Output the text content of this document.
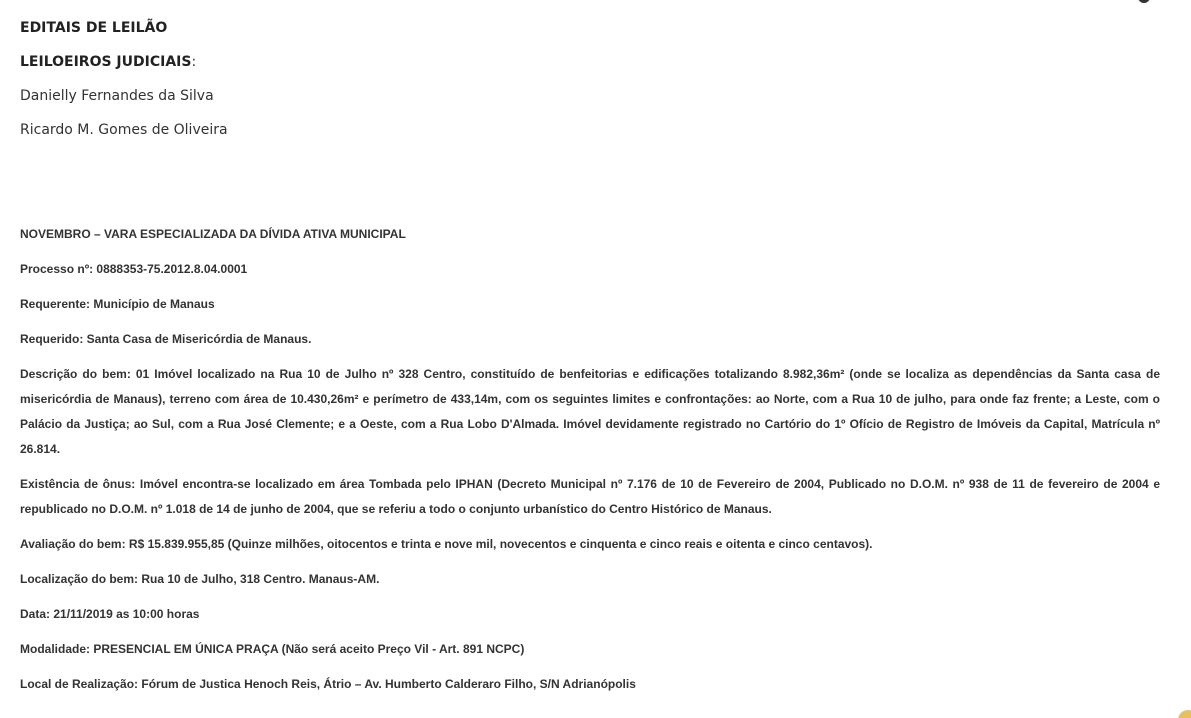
EDITAIS DE LEILÃO

LEILOEIROS JUDICIAIS:

Danielly Fernandes da Silva

Ricardo M. Gomes de Oliveira

NOVEMBRO – VARA ESPECIALIZADA DA DÍVIDA ATIVA MUNICIPAL

Processo nº: 0888353-75.2012.8.04.0001

Requerente: Município de Manaus

Requerido: Santa Casa de Misericórdia de Manaus.

Descrição do bem: 01 Imóvel localizado na Rua 10 de Julho nº 328 Centro, constituído de benfeitorias e edificações totalizando 8.982,36m² (onde se localiza as dependências da Santa casa de misericórdia de Manaus), terreno com área de 10.430,26m² e perímetro de 433,14m, com os seguintes limites e confrontações: ao Norte, com a Rua 10 de julho, para onde faz frente; a Leste, com o Palácio da Justiça; ao Sul, com a Rua José Clemente; e a Oeste, com a Rua Lobo D'Almada. Imóvel devidamente registrado no Cartório do 1º Ofício de Registro de Imóveis da Capital, Matrícula nº 26.814.

Existência de ônus: Imóvel encontra-se localizado em área Tombada pelo IPHAN (Decreto Municipal nº 7.176 de 10 de Fevereiro de 2004, Publicado no D.O.M. nº 938 de 11 de fevereiro de 2004 e republicado no D.O.M. nº 1.018 de 14 de junho de 2004, que se referiu a todo o conjunto urbanístico do Centro Histórico de Manaus.

Avaliação do bem: R$ 15.839.955,85 (Quinze milhões, oitocentos e trinta e nove mil, novecentos e cinquenta e cinco reais e oitenta e cinco centavos).

Localização do bem: Rua 10 de Julho, 318 Centro. Manaus-AM.

Data: 21/11/2019 as 10:00 horas

Modalidade: PRESENCIAL EM ÚNICA PRAÇA (Não será aceito Preço Vil - Art. 891 NCPC)

Local de Realização: Fórum de Justica Henoch Reis, Átrio – Av. Humberto Calderaro Filho, S/N Adrianópolis
